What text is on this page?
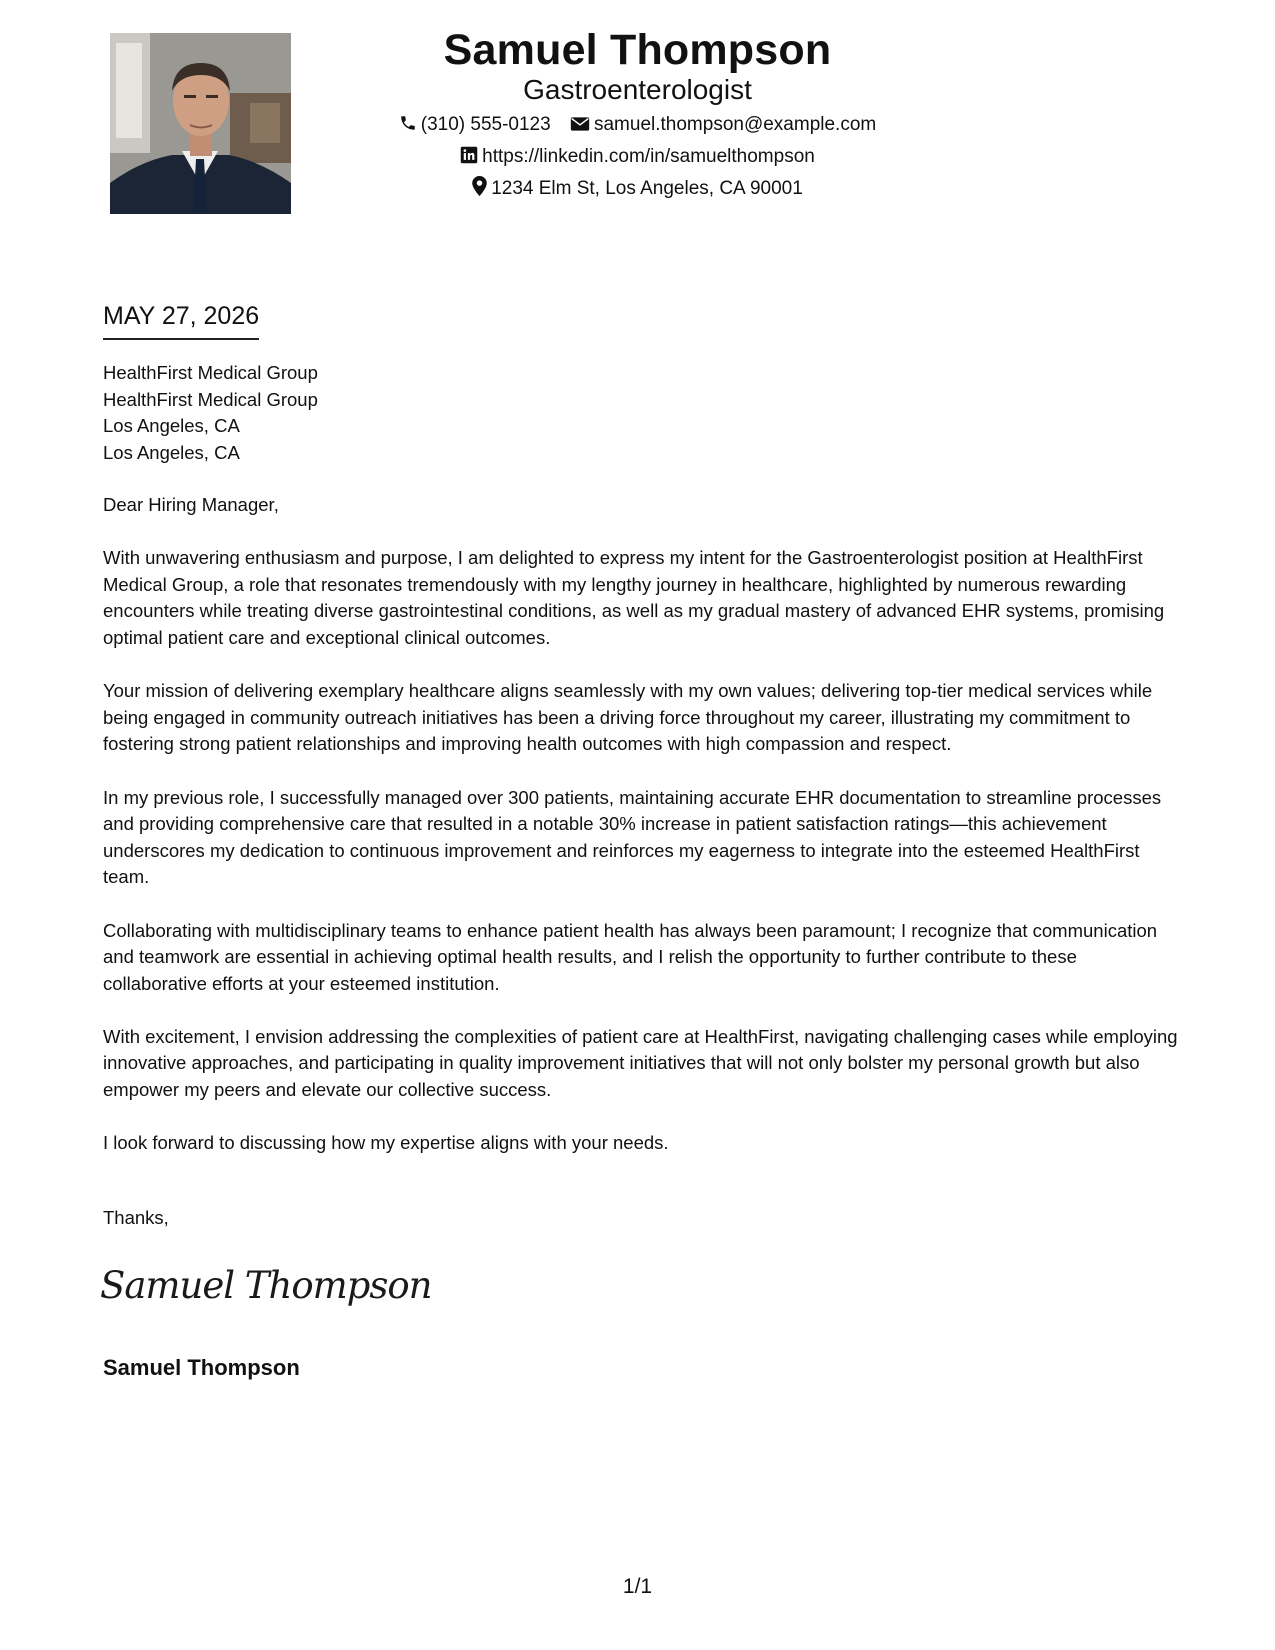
Samuel Thompson
Gastroenterologist
(310) 555-0123 samuel.thompson@example.com
https://linkedin.com/in/samuelthompson
1234 Elm St, Los Angeles, CA 90001
MAY 27, 2026
HealthFirst Medical Group
HealthFirst Medical Group
Los Angeles, CA
Los Angeles, CA

Dear Hiring Manager,

With unwavering enthusiasm and purpose, I am delighted to express my intent for the Gastroenterologist position at HealthFirst Medical Group, a role that resonates tremendously with my lengthy journey in healthcare, highlighted by numerous rewarding encounters while treating diverse gastrointestinal conditions, as well as my gradual mastery of advanced EHR systems, promising optimal patient care and exceptional clinical outcomes.

Your mission of delivering exemplary healthcare aligns seamlessly with my own values; delivering top-tier medical services while being engaged in community outreach initiatives has been a driving force throughout my career, illustrating my commitment to fostering strong patient relationships and improving health outcomes with high compassion and respect.

In my previous role, I successfully managed over 300 patients, maintaining accurate EHR documentation to streamline processes and providing comprehensive care that resulted in a notable 30% increase in patient satisfaction ratings—this achievement underscores my dedication to continuous improvement and reinforces my eagerness to integrate into the esteemed HealthFirst team.

Collaborating with multidisciplinary teams to enhance patient health has always been paramount; I recognize that communication and teamwork are essential in achieving optimal health results, and I relish the opportunity to further contribute to these collaborative efforts at your esteemed institution.

With excitement, I envision addressing the complexities of patient care at HealthFirst, navigating challenging cases while employing innovative approaches, and participating in quality improvement initiatives that will not only bolster my personal growth but also empower my peers and elevate our collective success.

I look forward to discussing how my expertise aligns with your needs.

Thanks,
Samuel Thompson
Samuel Thompson
1/1
